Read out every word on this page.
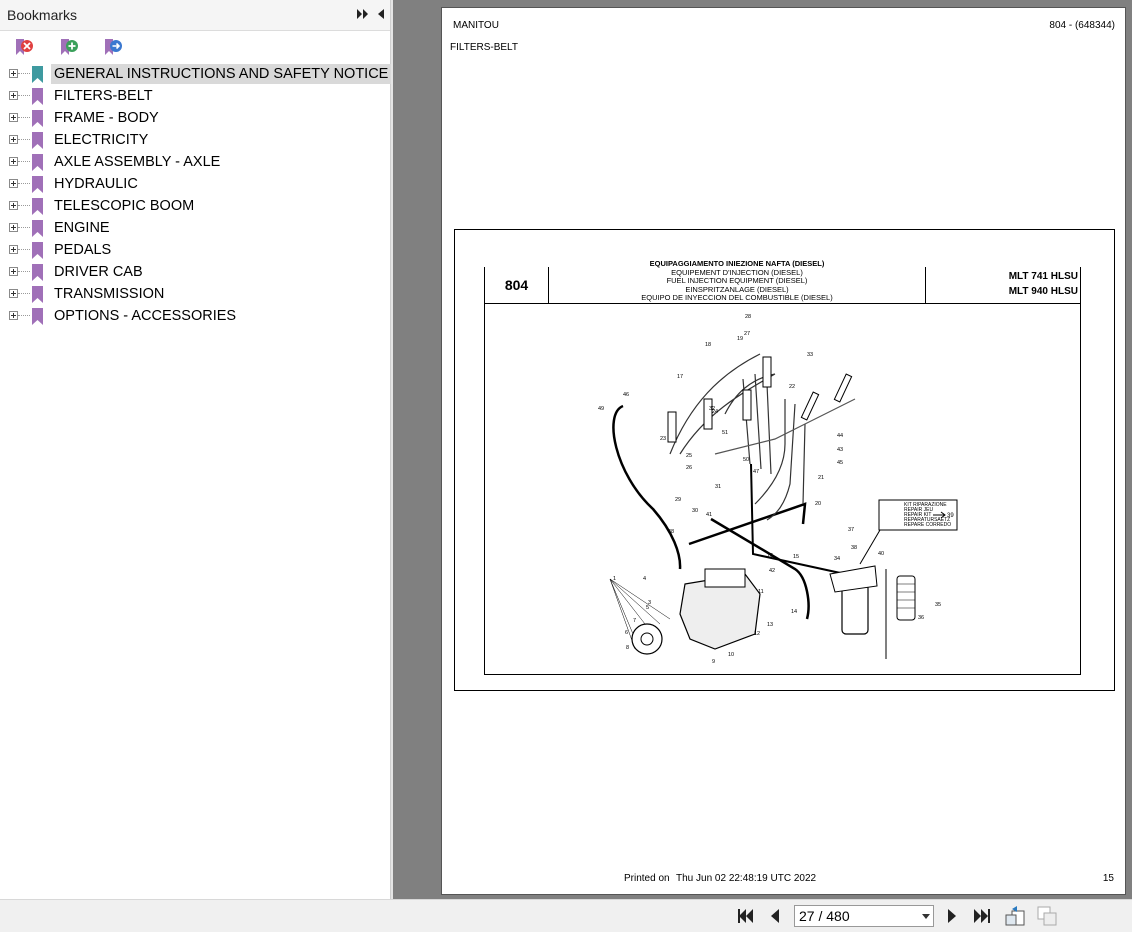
Bookmarks
GENERAL INSTRUCTIONS AND SAFETY NOTICE
FILTERS-BELT
FRAME - BODY
ELECTRICITY
AXLE ASSEMBLY - AXLE
HYDRAULIC
TELESCOPIC BOOM
ENGINE
PEDALS
DRIVER CAB
TRANSMISSION
OPTIONS - ACCESSORIES
MANITOU	804 - (648344)
FILTERS-BELT
804
EQUIPAGGIAMENTO INIEZIONE NAFTA (DIESEL)
EQUIPEMENT D'INJECTION (DIESEL)
FUEL INJECTION EQUIPMENT (DIESEL)
EINSPRITZANLAGE (DIESEL)
EQUIPO DE INYECCION DEL COMBUSTIBLE (DIESEL)
MLT 741 HLSU
MLT 940 HLSU
KIT RIPARAZIONE
REPAIR JEU
REPAIR KIT
REPARATURSAETZ
REPARE CORREDO
39
1
3
4
5
6
7
8
9
10
11
12
13
14
15
16
17
18
19
20
21
22
23
24
25
26
27
28
29
30
31
32
33
34
35
36
37
38
40
41
42
43
44
45
46
47
48
49
50
51
Printed on Thu Jun 02 22:48:19 UTC 2022	15
27 / 480
